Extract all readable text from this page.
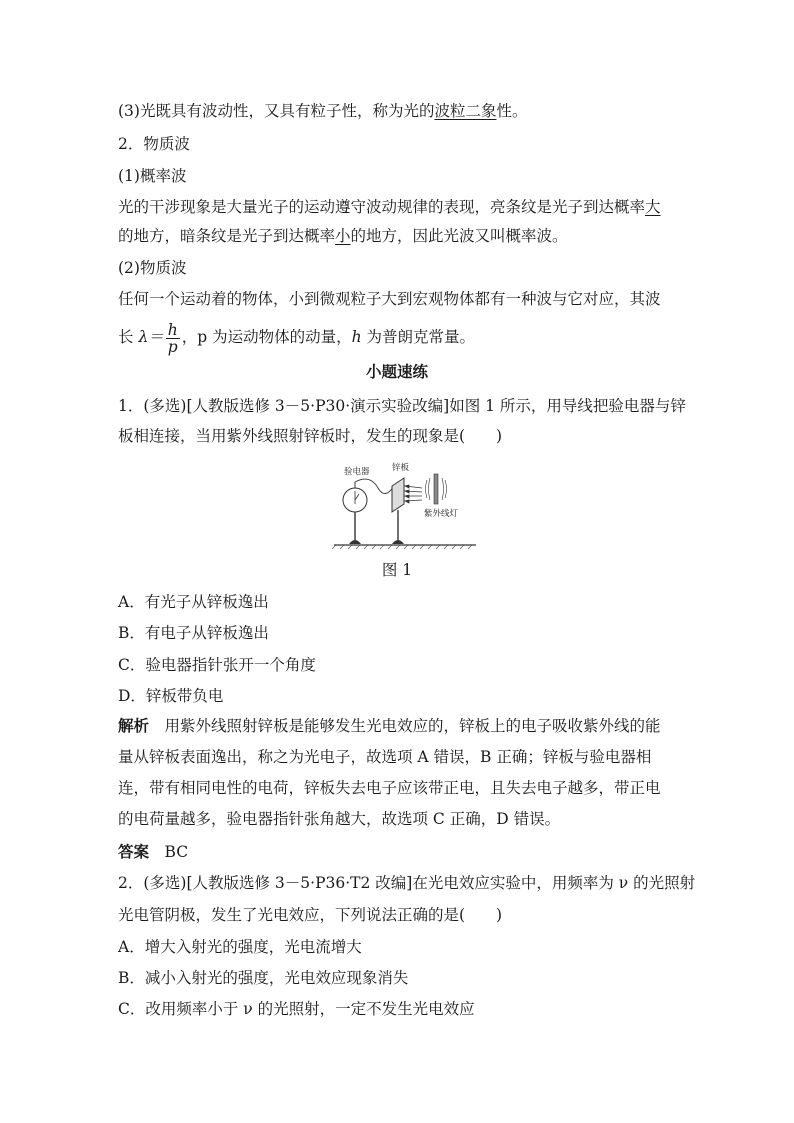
(3)光既具有波动性，又具有粒子性，称为光的波粒二象性。
2．物质波
(1)概率波
光的干涉现象是大量光子的运动遵守波动规律的表现，亮条纹是光子到达概率大
的地方，暗条纹是光子到达概率小的地方，因此光波又叫概率波。
(2)物质波
任何一个运动着的物体，小到微观粒子大到宏观物体都有一种波与它对应，其波
长 $\lambda= \frac{h}{p}$ ，p 为运动物体的动量，h 为普朗克常量。
小题速练
1．(多选)[人教版选修 3－5·P30·演示实验改编]如图 1 所示，用导线把验电器与锌
板相连接，当用紫外线照射锌板时，发生的现象是(　　)
验电器	锌板
紫外线灯
图 1
A．有光子从锌板逸出
B．有电子从锌板逸出
C．验电器指针张开一个角度
D．锌板带负电
解析　用紫外线照射锌板是能够发生光电效应的，锌板上的电子吸收紫外线的能
量从锌板表面逸出，称之为光电子，故选项 A 错误，B 正确；锌板与验电器相
连，带有相同电性的电荷，锌板失去电子应该带正电，且失去电子越多，带正电
的电荷量越多，验电器指针张角越大，故选项 C 正确，D 错误。
答案　BC
2．(多选)[人教版选修 3－5·P36·T2 改编]在光电效应实验中，用频率为 ν 的光照射
光电管阴极，发生了光电效应，下列说法正确的是(　　)
A．增大入射光的强度，光电流增大
B．减小入射光的强度，光电效应现象消失
C．改用频率小于 ν 的光照射，一定不发生光电效应
